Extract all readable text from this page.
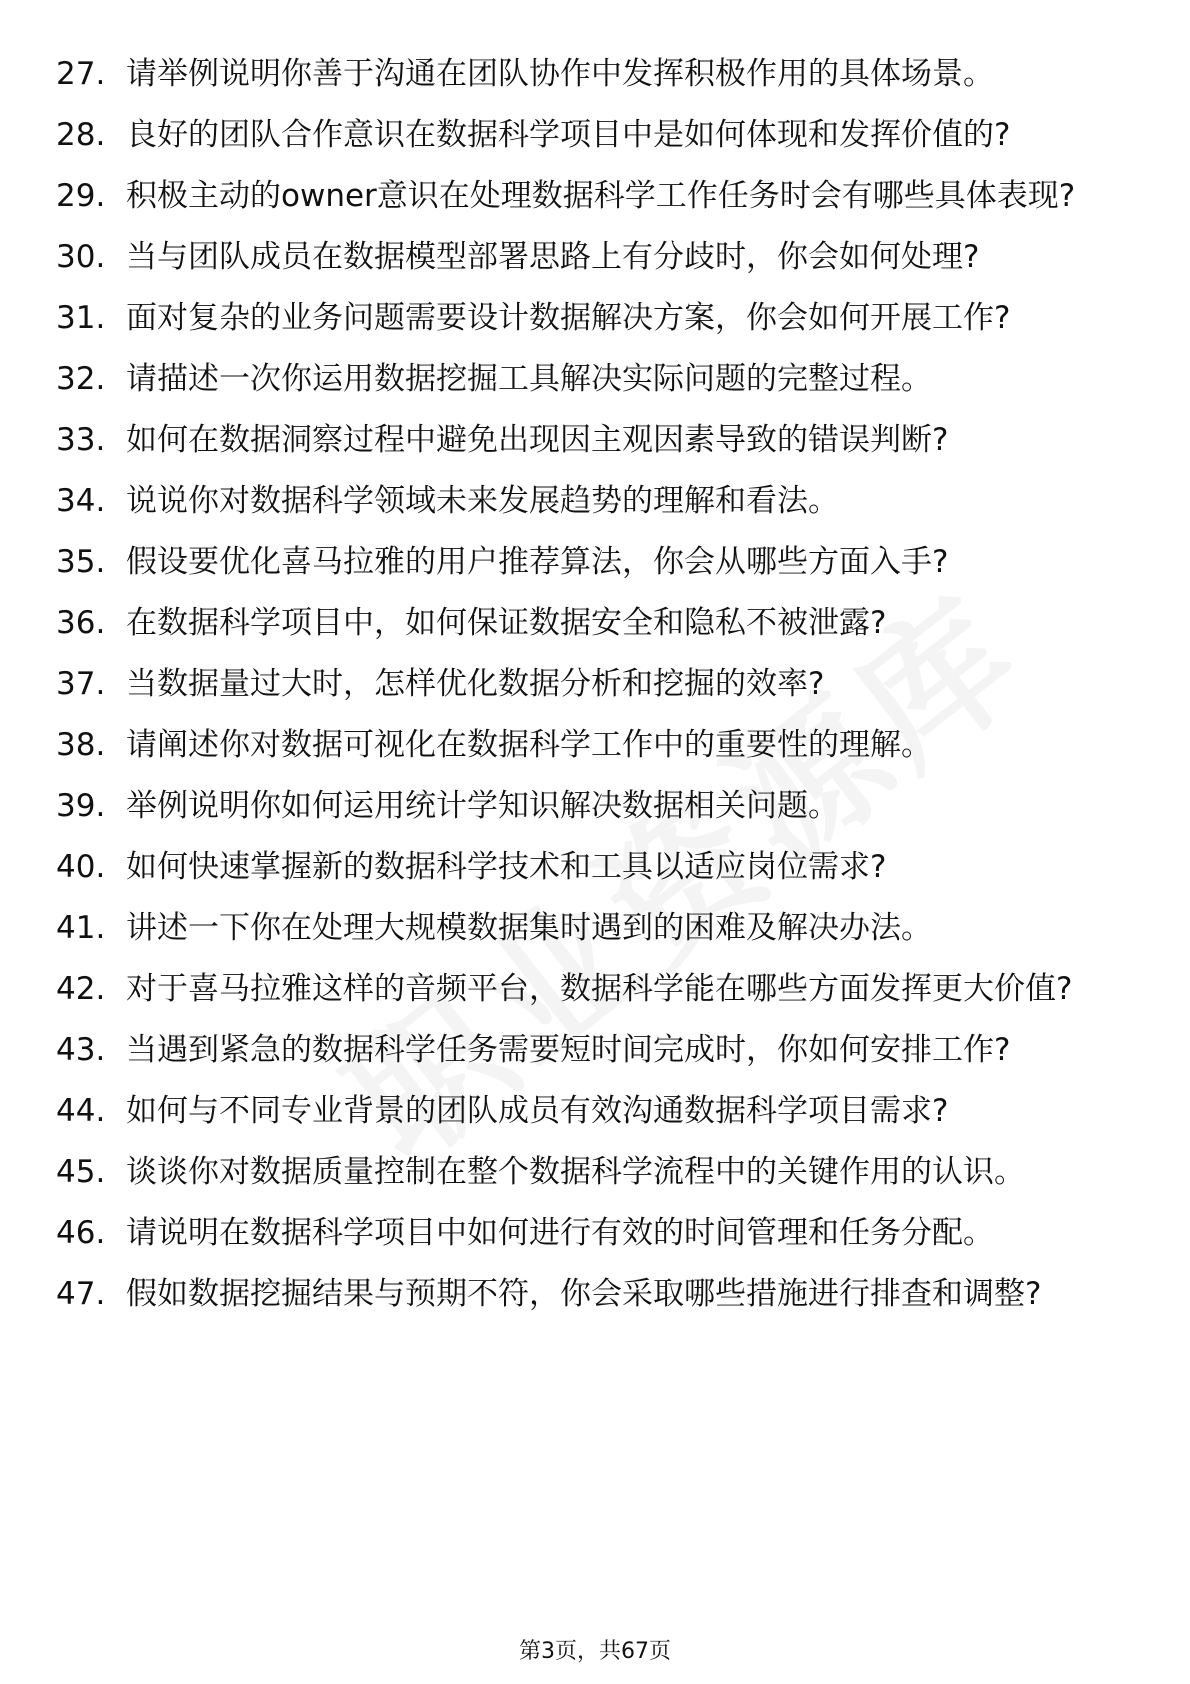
27. 请举例说明你善于沟通在团队协作中发挥积极作用的具体场景。
28. 良好的团队合作意识在数据科学项目中是如何体现和发挥价值的?
29. 积极主动的owner意识在处理数据科学工作任务时会有哪些具体表现?
30. 当与团队成员在数据模型部署思路上有分歧时，你会如何处理?
31. 面对复杂的业务问题需要设计数据解决方案，你会如何开展工作?
32. 请描述一次你运用数据挖掘工具解决实际问题的完整过程。
33. 如何在数据洞察过程中避免出现因主观因素导致的错误判断?
34. 说说你对数据科学领域未来发展趋势的理解和看法。
35. 假设要优化喜马拉雅的用户推荐算法，你会从哪些方面入手?
36. 在数据科学项目中，如何保证数据安全和隐私不被泄露?
37. 当数据量过大时，怎样优化数据分析和挖掘的效率?
38. 请阐述你对数据可视化在数据科学工作中的重要性的理解。
39. 举例说明你如何运用统计学知识解决数据相关问题。
40. 如何快速掌握新的数据科学技术和工具以适应岗位需求?
41. 讲述一下你在处理大规模数据集时遇到的困难及解决办法。
42. 对于喜马拉雅这样的音频平台，数据科学能在哪些方面发挥更大价值?
43. 当遇到紧急的数据科学任务需要短时间完成时，你如何安排工作?
44. 如何与不同专业背景的团队成员有效沟通数据科学项目需求?
45. 谈谈你对数据质量控制在整个数据科学流程中的关键作用的认识。
46. 请说明在数据科学项目中如何进行有效的时间管理和任务分配。
47. 假如数据挖掘结果与预期不符，你会采取哪些措施进行排查和调整?
第3页，共67页
